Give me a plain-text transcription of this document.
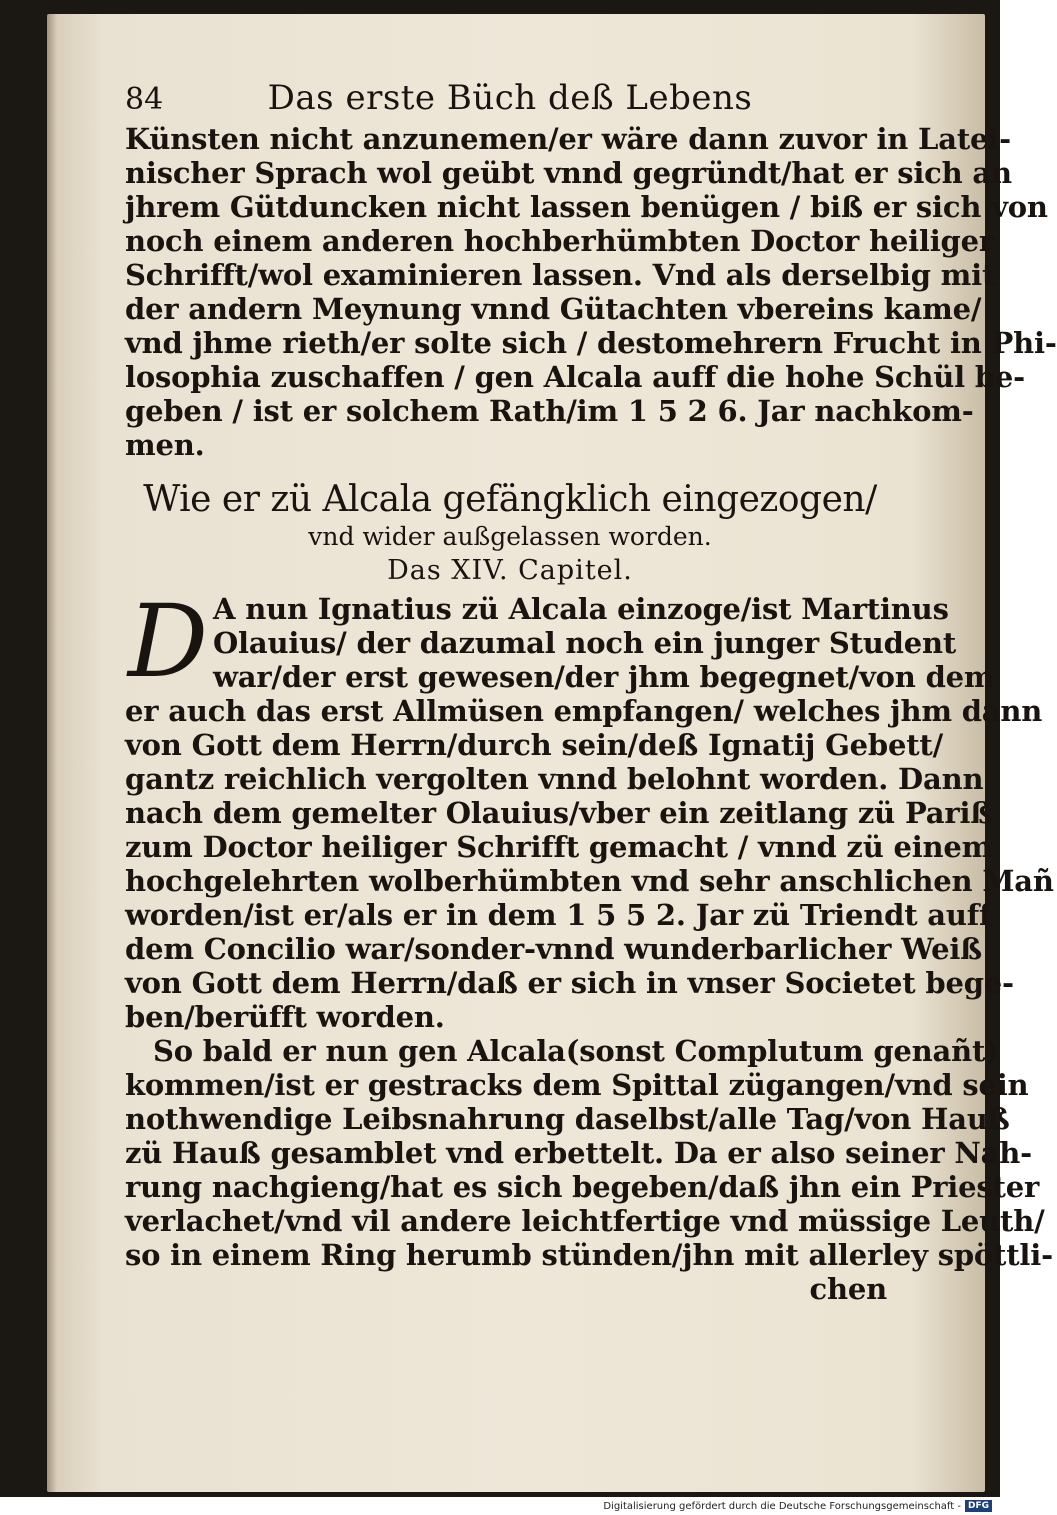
84	Das erste Büch deß Lebens
Künsten nicht anzunemen/er wäre dann zuvor in Latei-
nischer Sprach wol geübt vnnd gegründt/hat er sich an
jhrem Gütduncken nicht lassen benügen / biß er sich von
noch einem anderen hochberhümbten Doctor heiliger
Schrifft/wol examinieren lassen. Vnd als derselbig mit
der andern Meynung vnnd Gütachten vbereins kame/
vnd jhme rieth/er solte sich / destomehrern Frucht in Phi-
losophia zuschaffen / gen Alcala auff die hohe Schül be-
geben / ist er solchem Rath/im 1 5 2 6. Jar nachkom-
men.
Wie er zü Alcala gefängklich eingezogen/
vnd wider außgelassen worden.
Das XIV. Capitel.
D A nun Ignatius zü Alcala einzoge/ist Martinus
Olauius/ der dazumal noch ein junger Student
war/der erst gewesen/der jhm begegnet/von dem
er auch das erst Allmüsen empfangen/ welches jhm dann
von Gott dem Herrn/durch sein/deß Ignatij Gebett/
gantz reichlich vergolten vnnd belohnt worden. Dann
nach dem gemelter Olauius/vber ein zeitlang zü Pariß
zum Doctor heiliger Schrifft gemacht / vnnd zü einem
hochgelehrten wolberhümbten vnd sehr anschlichen Mañ
worden/ist er/als er in dem 1 5 5 2. Jar zü Triendt auff
dem Concilio war/sonder-vnnd wunderbarlicher Weiß
von Gott dem Herrn/daß er sich in vnser Societet bege-
ben/berüfft worden.
So bald er nun gen Alcala(sonst Complutum genañt)
kommen/ist er gestracks dem Spittal zügangen/vnd sein
nothwendige Leibsnahrung daselbst/alle Tag/von Hauß
zü Hauß gesamblet vnd erbettelt. Da er also seiner Nah-
rung nachgieng/hat es sich begeben/daß jhn ein Priester
verlachet/vnd vil andere leichtfertige vnd müssige Leuth/
so in einem Ring herumb stünden/jhn mit allerley spöttli-
chen
Digitalisierung gefördert durch die Deutsche Forschungsgemeinschaft - DFG
